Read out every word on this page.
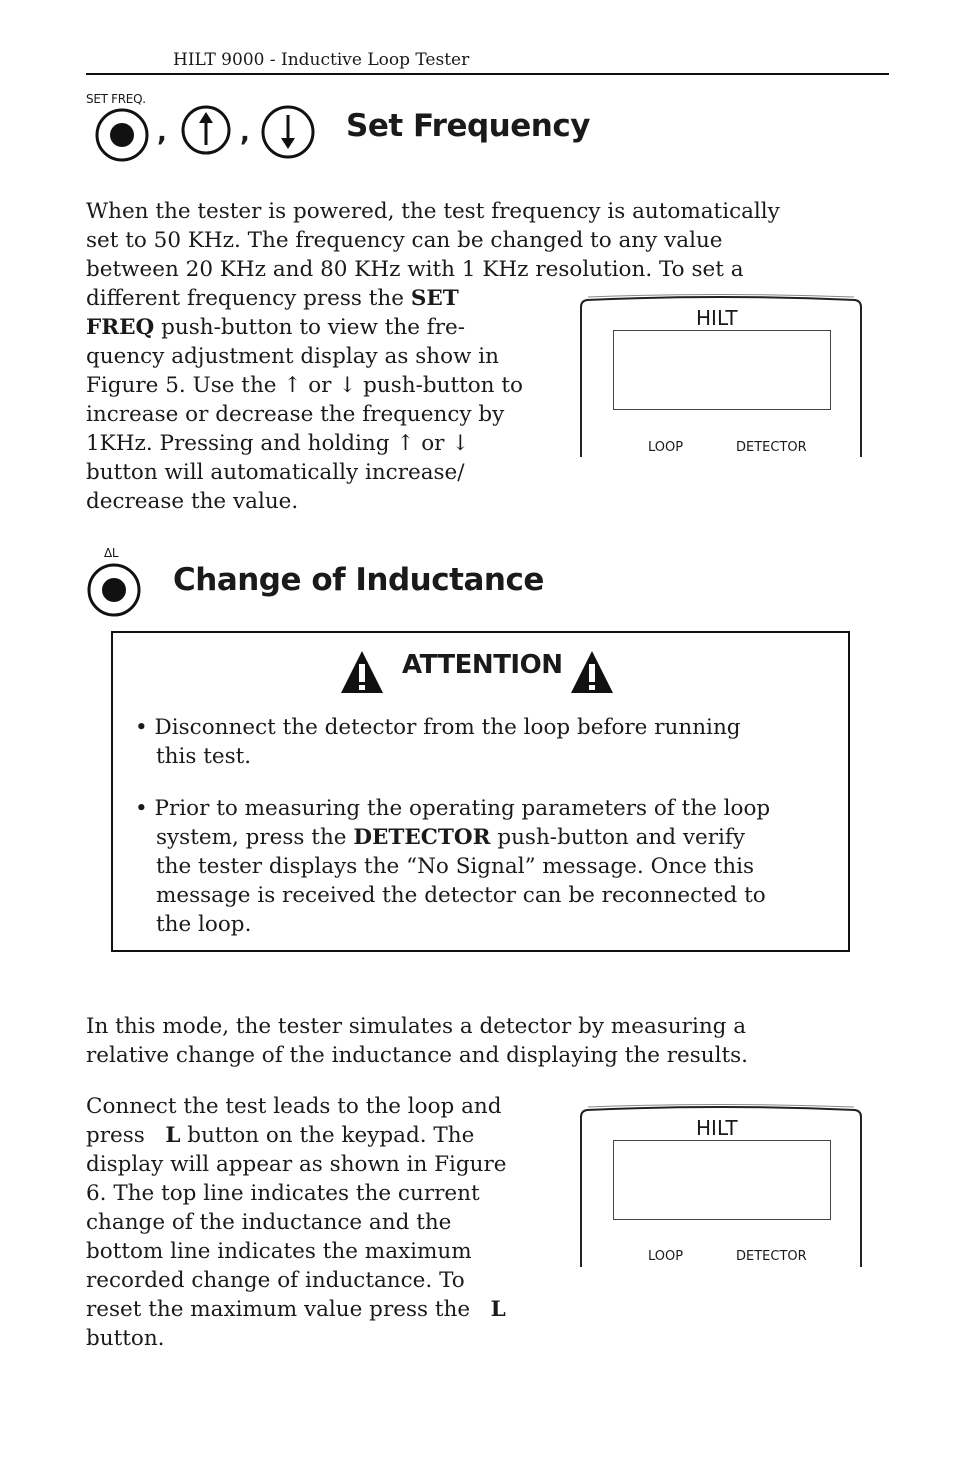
HILT 9000 - Inductive Loop Tester
SET FREQ.
,	,	Set Frequency
When the tester is powered, the test frequency is automatically
set to 50 KHz. The frequency can be changed to any value
between 20 KHz and 80 KHz with 1 KHz resolution. To set a
different frequency press the SET
FREQ push-button to view the fre-
quency adjustment display as show in
Figure 5. Use the ↑ or ↓ push-button to
increase or decrease the frequency by
1KHz. Pressing and holding ↑ or ↓
button will automatically increase/
decrease the value.
HILT
LOOP	DETECTOR
ΔL
Change of Inductance
ATTENTION
• Disconnect the detector from the loop before running
this test.
• Prior to measuring the operating parameters of the loop
system, press the DETECTOR push-button and verify
the tester displays the “No Signal” message. Once this
message is received the detector can be reconnected to
the loop.
In this mode, the tester simulates a detector by measuring a
relative change of the inductance and displaying the results.
Connect the test leads to the loop and
press   L button on the keypad. The
display will appear as shown in Figure
6. The top line indicates the current
change of the inductance and the
bottom line indicates the maximum
recorded change of inductance. To
reset the maximum value press the   L
button.
HILT
LOOP	DETECTOR
